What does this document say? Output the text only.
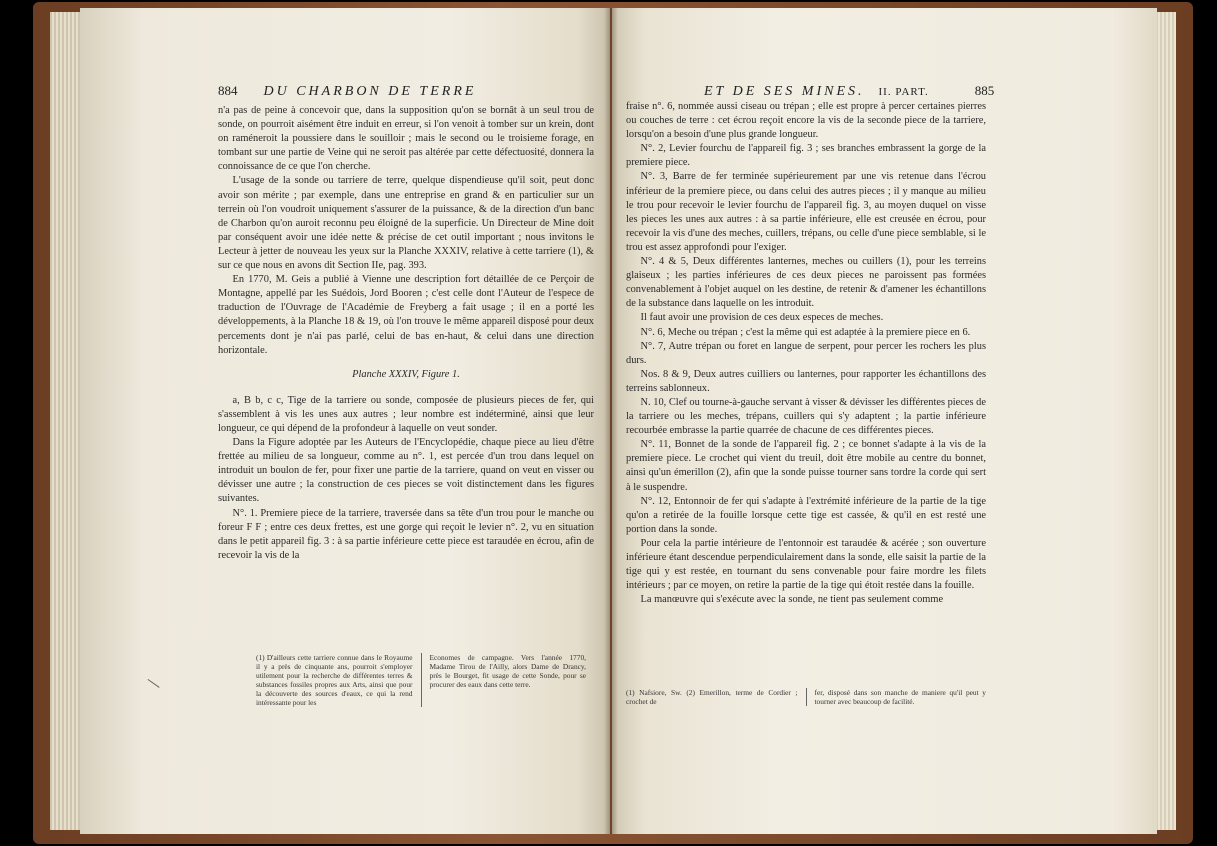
884 DU CHARBON DE TERRE

n'a pas de peine à concevoir que, dans la supposition qu'on se bornât à un seul trou de sonde, on pourroit aisément être induit en erreur, si l'on venoit à tomber sur un krein, dont on raméneroit la poussiere dans le souilloir ; mais le second ou le troisieme forage, en tombant sur une partie de Veine qui ne seroit pas altérée par cette défectuosité, donnera la connoissance de ce que l'on cherche.

L'usage de la sonde ou tarriere de terre, quelque dispendieuse qu'il soit, peut donc avoir son mérite ; par exemple, dans une entreprise en grand & en particulier sur un terrein où l'on voudroit uniquement s'assurer de la puissance, & de la direction d'un banc de Charbon qu'on auroit reconnu peu éloigné de la superficie. Un Directeur de Mine doit par conséquent avoir une idée nette & précise de cet outil important ; nous invitons le Lecteur à jetter de nouveau les yeux sur la Planche XXXIV, relative à cette tarriere (1), & sur ce que nous en avons dit Section IIe, pag. 393.

En 1770, M. Geis a publié à Vienne une description fort détaillée de ce Perçoir de Montagne, appellé par les Suédois, Jord Booren ; c'est celle dont l'Auteur de l'espece de traduction de l'Ouvrage de l'Académie de Freyberg a fait usage ; il en a porté les développements, à la Planche 18 & 19, où l'on trouve le même appareil disposé pour deux percements dont je n'ai pas parlé, celui de bas en-haut, & celui dans une direction horizontale.

Planche XXXIV, Figure 1.

a, B b, c c, Tige de la tarriere ou sonde, composée de plusieurs pieces de fer, qui s'assemblent à vis les unes aux autres ; leur nombre est indéterminé, ainsi que leur longueur, ce qui dépend de la profondeur à laquelle on veut sonder.

Dans la Figure adoptée par les Auteurs de l'Encyclopédie, chaque piece au lieu d'être frettée au milieu de sa longueur, comme au n°. 1, est percée d'un trou dans lequel on introduit un boulon de fer, pour fixer une partie de la tarriere, quand on veut en visser ou dévisser une autre ; la construction de ces pieces se voit distinctement dans les figures suivantes.

N°. 1. Premiere piece de la tarriere, traversée dans sa tête d'un trou pour le manche ou foreur F F ; entre ces deux frettes, est une gorge qui reçoit le levier n°. 2, vu en situation dans le petit appareil fig. 3 : à sa partie inférieure cette piece est taraudée en écrou, afin de recevoir la vis de la

(1) D'ailleurs cette tarriere connue dans le Royaume il y a près de cinquante ans, pourroit s'employer utilement pour la recherche de différentes terres & substances fossiles propres aux Arts, ainsi que pour la découverte des sources d'eaux, ce qui la rend intéressante pour les
Economes de campagne. Vers l'année 1770, Madame Tirou de l'Ailly, alors Dame de Drancy, près le Bourget, fit usage de cette Sonde, pour se procurer des eaux dans cette terre.
ET DE SES MINES. II. PART.	885

fraise n°. 6, nommée aussi ciseau ou trépan ; elle est propre à percer certaines pierres ou couches de terre : cet écrou reçoit encore la vis de la seconde piece de la tarriere, lorsqu'on a besoin d'une plus grande longueur.

N°. 2, Levier fourchu de l'appareil fig. 3 ; ses branches embrassent la gorge de la premiere piece.

N°. 3, Barre de fer terminée supérieurement par une vis retenue dans l'écrou inférieur de la premiere piece, ou dans celui des autres pieces ; il y manque au milieu le trou pour recevoir le levier fourchu de l'appareil fig. 3, au moyen duquel on visse les pieces les unes aux autres : à sa partie inférieure, elle est creusée en écrou, pour recevoir la vis d'une des meches, cuillers, trépans, ou celle d'une piece semblable, si le trou est assez approfondi pour l'exiger.

N°. 4 & 5, Deux différentes lanternes, meches ou cuillers (1), pour les terreins glaiseux ; les parties inférieures de ces deux pieces ne paroissent pas formées convenablement à l'objet auquel on les destine, de retenir & d'amener les échantillons de la substance dans laquelle on les introduit.

Il faut avoir une provision de ces deux especes de meches.

N°. 6, Meche ou trépan ; c'est la même qui est adaptée à la premiere piece en 6.

N°. 7, Autre trépan ou foret en langue de serpent, pour percer les rochers les plus durs.

Nos. 8 & 9, Deux autres cuilliers ou lanternes, pour rapporter les échantillons des terreins sablonneux.

N. 10, Clef ou tourne-à-gauche servant à visser & dévisser les différentes pieces de la tarriere ou les meches, trépans, cuillers qui s'y adaptent ; la partie inférieure recourbée embrasse la partie quarrée de chacune de ces différentes pieces.

N°. 11, Bonnet de la sonde de l'appareil fig. 2 ; ce bonnet s'adapte à la vis de la premiere piece. Le crochet qui vient du treuil, doit être mobile au centre du bonnet, ainsi qu'un émerillon (2), afin que la sonde puisse tourner sans tordre la corde qui sert à le suspendre.

N°. 12, Entonnoir de fer qui s'adapte à l'extrémité inférieure de la partie de la tige qu'on a retirée de la fouille lorsque cette tige est cassée, & qu'il en est resté une portion dans la sonde.

Pour cela la partie intérieure de l'entonnoir est taraudée & acérée ; son ouverture inférieure étant descendue perpendiculairement dans la sonde, elle saisit la partie de la tige qui y est restée, en tournant du sens convenable pour faire mordre les filets intérieurs ; par ce moyen, on retire la partie de la tige qui étoit restée dans la fouille.

La manœuvre qui s'exécute avec la sonde, ne tient pas seulement comme

(1) Nafsiore, Sw. (2) Emerillon, terme de Cordier ; crochet de
fer, disposé dans son manche de maniere qu'il peut y tourner avec beaucoup de facilité.
